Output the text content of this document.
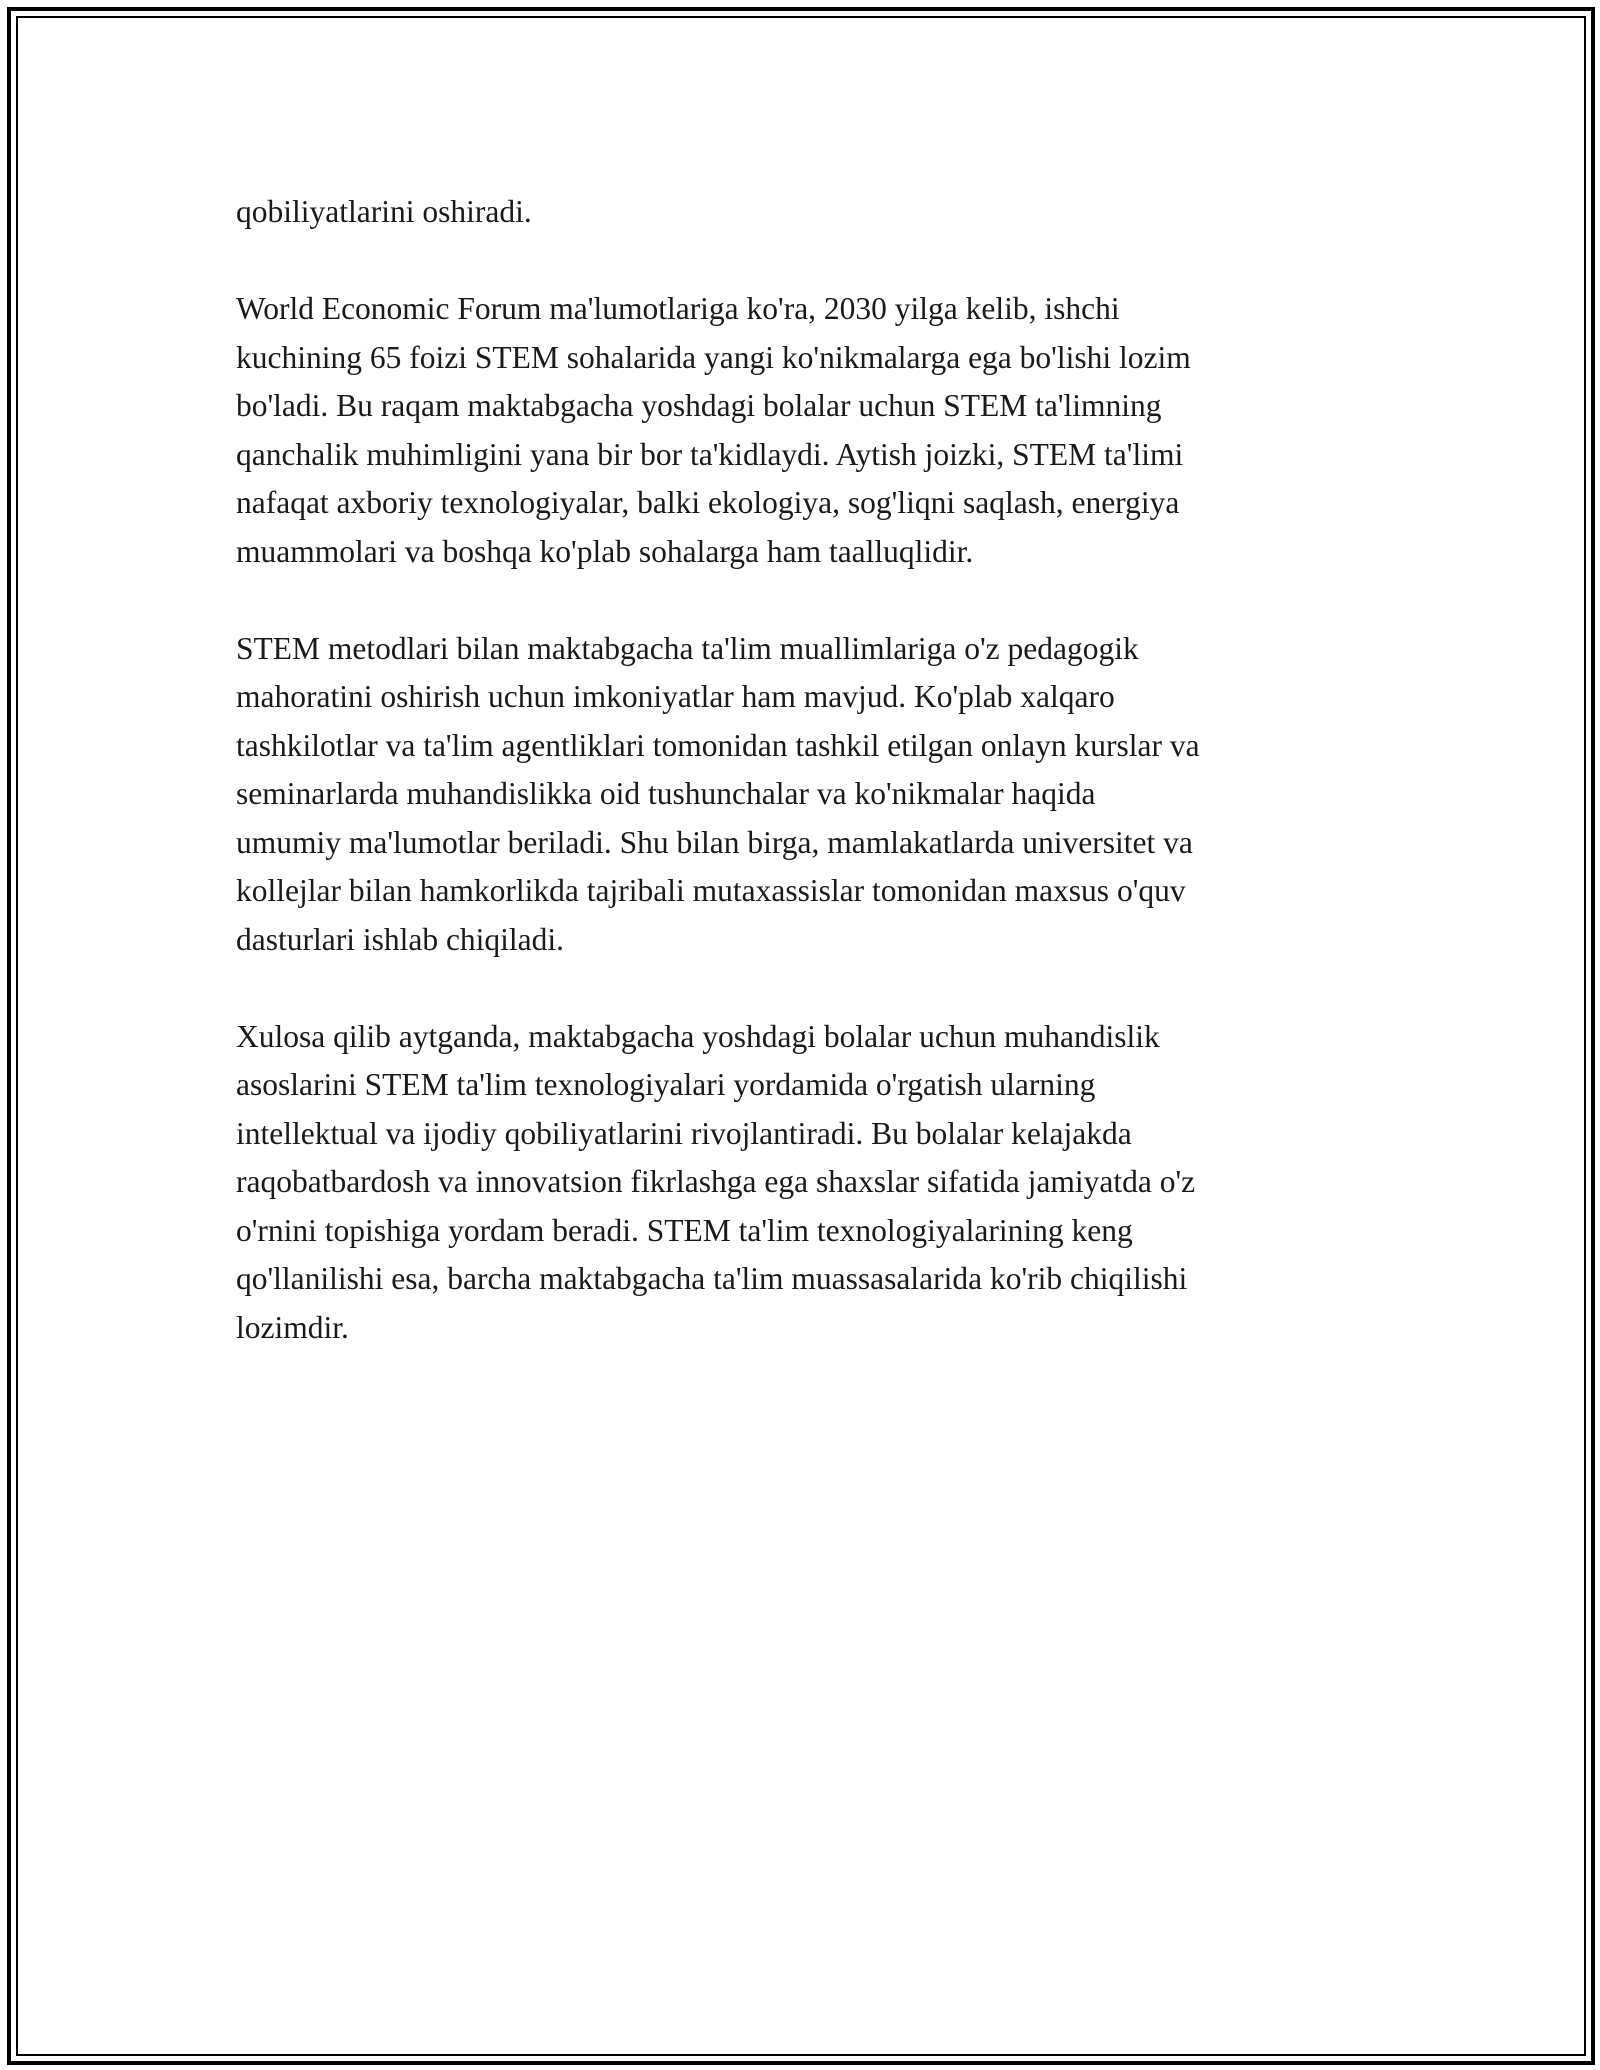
qobiliyatlarini oshiradi.

World Economic Forum ma'lumotlariga ko'ra, 2030 yilga kelib, ishchi
kuchining 65 foizi STEM sohalarida yangi ko'nikmalarga ega bo'lishi lozim
bo'ladi. Bu raqam maktabgacha yoshdagi bolalar uchun STEM ta'limning
qanchalik muhimligini yana bir bor ta'kidlaydi. Aytish joizki, STEM ta'limi
nafaqat axboriy texnologiyalar, balki ekologiya, sog'liqni saqlash, energiya
muammolari va boshqa ko'plab sohalarga ham taalluqlidir.

STEM metodlari bilan maktabgacha ta'lim muallimlariga o'z pedagogik
mahoratini oshirish uchun imkoniyatlar ham mavjud. Ko'plab xalqaro
tashkilotlar va ta'lim agentliklari tomonidan tashkil etilgan onlayn kurslar va
seminarlarda muhandislikka oid tushunchalar va ko'nikmalar haqida
umumiy ma'lumotlar beriladi. Shu bilan birga, mamlakatlarda universitet va
kollejlar bilan hamkorlikda tajribali mutaxassislar tomonidan maxsus o'quv
dasturlari ishlab chiqiladi.

Xulosa qilib aytganda, maktabgacha yoshdagi bolalar uchun muhandislik
asoslarini STEM ta'lim texnologiyalari yordamida o'rgatish ularning
intellektual va ijodiy qobiliyatlarini rivojlantiradi. Bu bolalar kelajakda
raqobatbardosh va innovatsion fikrlashga ega shaxslar sifatida jamiyatda o'z
o'rnini topishiga yordam beradi. STEM ta'lim texnologiyalarining keng
qo'llanilishi esa, barcha maktabgacha ta'lim muassasalarida ko'rib chiqilishi
lozimdir.
